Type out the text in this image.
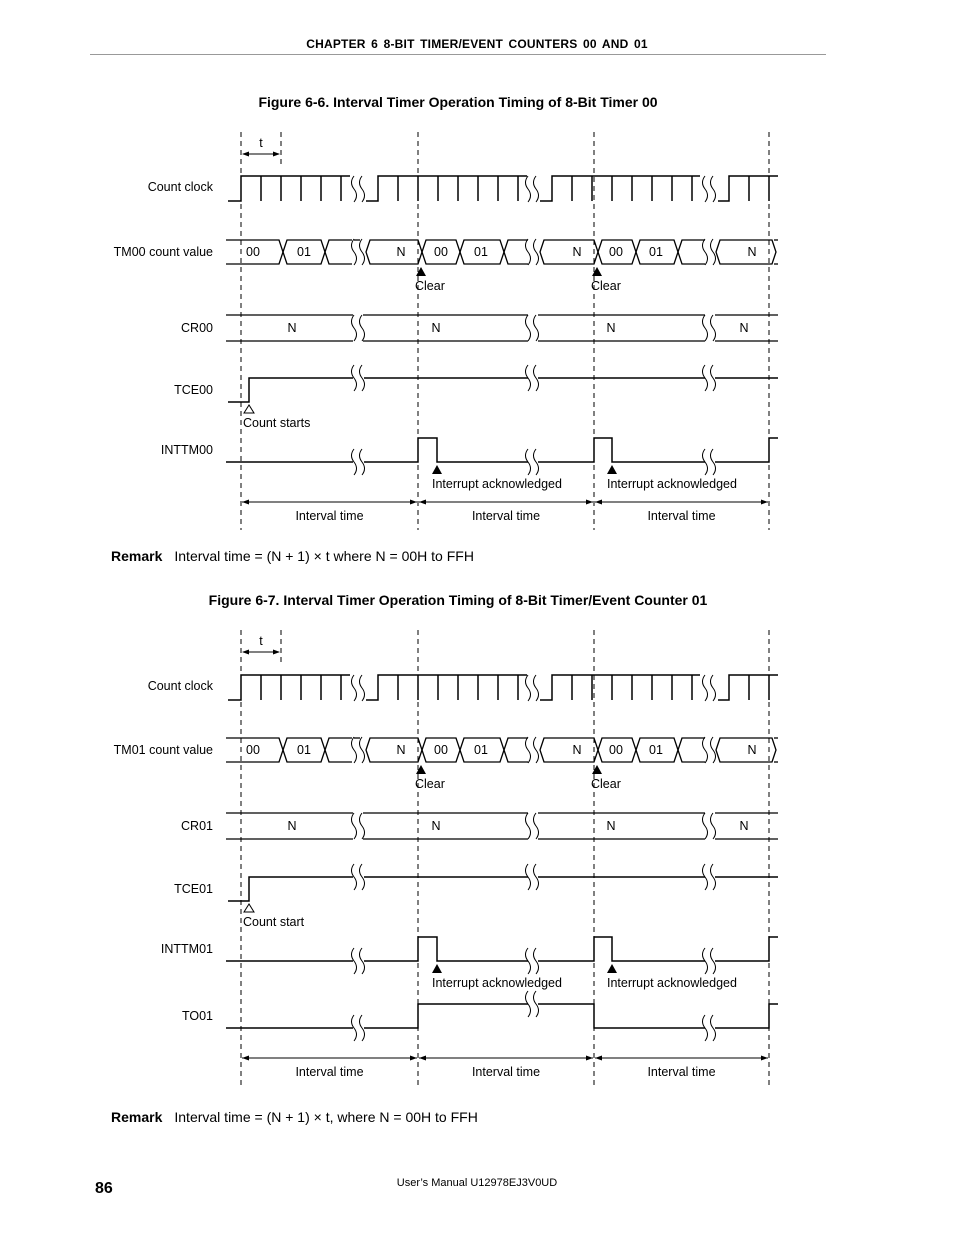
CHAPTER 6 8-BIT TIMER/EVENT COUNTERS 00 AND 01
Figure 6-6. Interval Timer Operation Timing of 8-Bit Timer 00
t
Count clock
TM00 count value	00	01	N 00 01	N 00 01	N
Clear	Clear
CR00	N	N	N	N
TCE00
Count starts
INTTM00
Interrupt acknowledged	Interrupt acknowledged
Interval time	Interval time	Interval time
Remark Interval time = (N + 1) × t where N = 00H to FFH
Figure 6-7. Interval Timer Operation Timing of 8-Bit Timer/Event Counter 01
t
Count clock
TM01 count value	00	01	N 00 01	N 00 01	N
Clear	Clear
CR01	N	N	N	N
TCE01
Count start
INTTM01
Interrupt acknowledged	Interrupt acknowledged
TO01
Interval time	Interval time	Interval time
Remark Interval time = (N + 1) × t, where N = 00H to FFH
86	User’s Manual U12978EJ3V0UD
